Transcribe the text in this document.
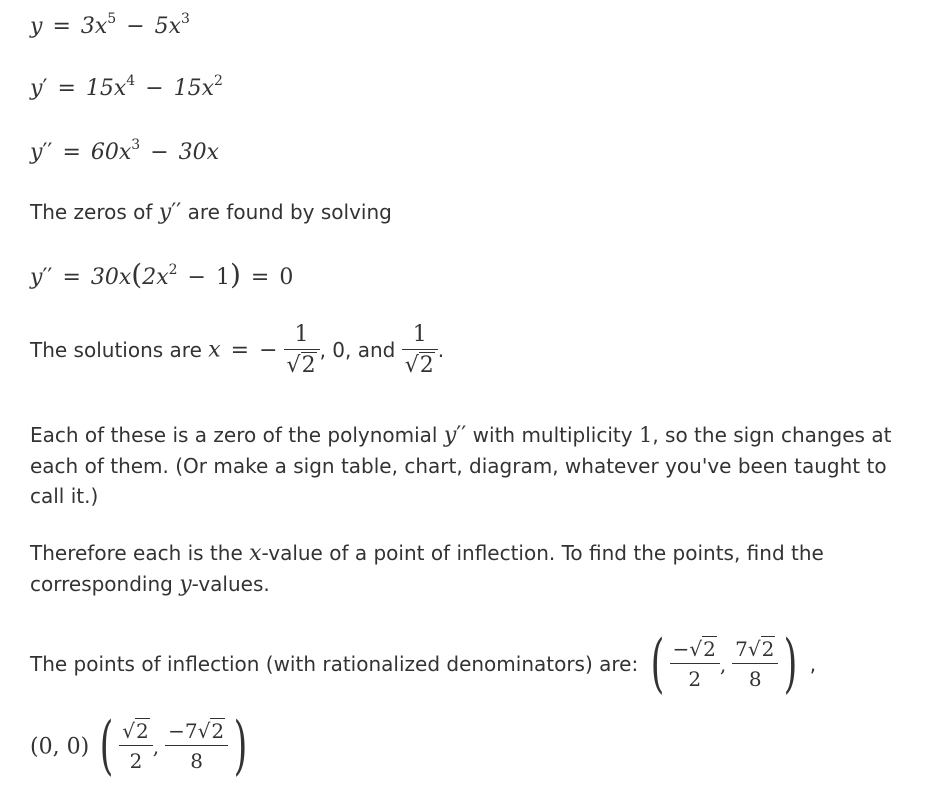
$y = 3x^5 - 5x^3$
$y' = 15x^4 - 15x^2$
$y'' = 60x^3 - 30x$
The zeros of y′′ are found by solving
$y'' = 30x(2x^2 - 1) = 0$
The solutions are x = − $\frac{1}{√2}$ , 0, and $\frac{1}{√2}$ .
Each of these is a zero of the polynomial y′′ with multiplicity 1, so the sign changes at each of them. (Or make a sign table, chart, diagram, whatever you've been taught to call it.)
Therefore each is the x-value of a point of inflection. To find the points, find the corresponding y-values.
The points of inflection (with rationalized denominators) are: ( $\frac{-√2}{2}$ , $\frac{7√2}{8}$ ) ,
(0, 0) ( $\frac{√2}{2}$ , $\frac{-7√2}{8}$ )
